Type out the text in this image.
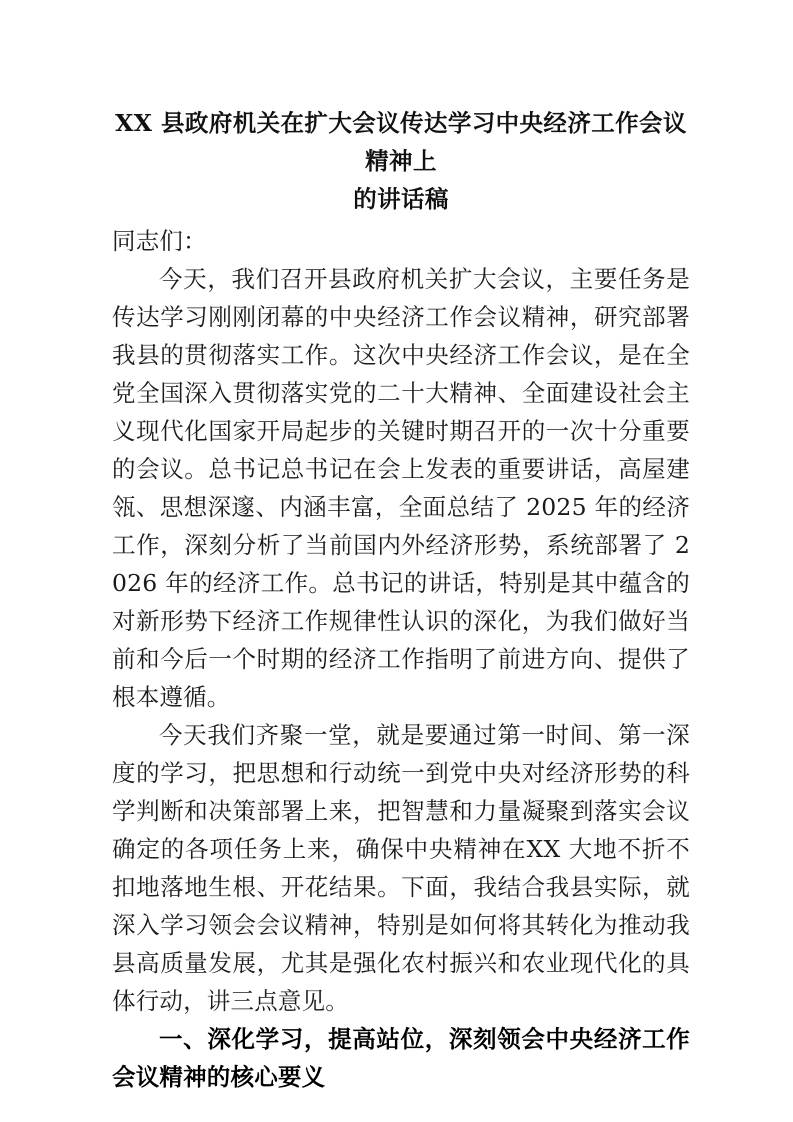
XX 县政府机关在扩大会议传达学习中央经济工作会议精神上
的讲话稿

同志们：

今天，我们召开县政府机关扩大会议，主要任务是传达学习刚刚闭幕的中央经济工作会议精神，研究部署我县的贯彻落实工作。这次中央经济工作会议，是在全党全国深入贯彻落实党的二十大精神、全面建设社会主义现代化国家开局起步的关键时期召开的一次十分重要的会议。总书记总书记在会上发表的重要讲话，高屋建瓴、思想深邃、内涵丰富，全面总结了 2025 年的经济工作，深刻分析了当前国内外经济形势，系统部署了 2026 年的经济工作。总书记的讲话，特别是其中蕴含的对新形势下经济工作规律性认识的深化，为我们做好当前和今后一个时期的经济工作指明了前进方向、提供了根本遵循。

今天我们齐聚一堂，就是要通过第一时间、第一深度的学习，把思想和行动统一到党中央对经济形势的科学判断和决策部署上来，把智慧和力量凝聚到落实会议确定的各项任务上来，确保中央精神在XX 大地不折不扣地落地生根、开花结果。下面，我结合我县实际，就深入学习领会会议精神，特别是如何将其转化为推动我县高质量发展，尤其是强化农村振兴和农业现代化的具体行动，讲三点意见。

一、深化学习，提高站位，深刻领会中央经济工作会议精神的核心要义
